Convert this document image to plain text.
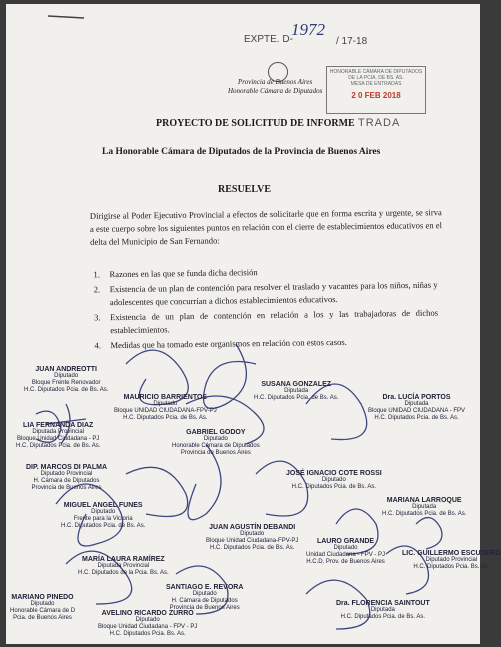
EXPTE. D-
1972
/ 17-18
Provincia de Buenos Aires
Honorable Cámara de Diputados
HONORABLE CÁMARA DE DIPUTADOS
DE LA PCIA. DE BS. AS.
MESA DE ENTRADAS
2 0 FEB 2018
TRADA
PROYECTO DE SOLICITUD DE INFORME
La Honorable Cámara de Diputados de la Provincia de Buenos Aires
RESUELVE
Dirigirse al Poder Ejecutivo Provincial a efectos de solicitarle que en forma escrita y urgente, se sirva a este cuerpo sobre los siguientes puntos en relación con el cierre de establecimientos educativos en el delta del Municipio de San Fernando:
1. Razones en las que se funda dicha decisión
2. Existencia de un plan de contención para resolver el traslado y vacantes para los niños, niñas y adolescentes que concurrían a dichos establecimientos educativos.
3. Existencia de un plan de contención en relación a los y las trabajadoras de dichos establecimientos.
4. Medidas que ha tomado este organismos en relación con estos casos.
JUAN ANDREOTTI
Diputado
Bloque Frente Renovador
H.C. Diputados Pcia. de Bs. As.
MAURICIO BARRIENTOS
Diputado
Bloque UNIDAD CIUDADANA-FPV-PJ
H.C. Diputados Pcia. de Bs. As.
SUSANA GONZALEZ
Diputada
H.C. Diputados Pcia. de Bs. As.	Dra. LUCÍA PORTOS
Diputada
Bloque UNIDAD CIUDADANA - FPV
H.C. Diputados Pcia. de Bs. As.
LIA FERNANDA DIAZ
Diputada Provincial
Bloque Unidad Ciudadana - PJ
H.C. Diputados Pcia. de Bs. As.
GABRIEL GODOY
Diputado
Honorable Cámara de Diputados
Provincia de Buenos Aires
DIP. MARCOS DI PALMA
Diputado Provincial
H. Cámara de Diputados
Provincia de Buenos Aires
JOSÉ IGNACIO COTE ROSSI
Diputado
H.C. Diputados Pcia. de Bs. As.
MIGUEL ANGEL FUNES
Diputado
Frente para la Victoria
H.C. Diputados Pcia. de Bs. As.
MARIANA LARROQUE
Diputada
H.C. Diputados Pcia. de Bs. As.
JUAN AGUSTÍN DEBANDI
Diputado
Bloque Unidad Ciudadana-FPV-PJ
H.C. Diputados Pcia. de Bs. As.
LAURO GRANDE
Diputado
Unidad Ciudadana - FPV - PJ
H.C.D. Prov. de Buenos Aires
MARÍA LAURA RAMÍREZ
Diputada Provincial
H.C. Diputados de la Pcia. Bs. As.
LIC. GUILLERMO ESCUDERO
Diputado Provincial
H.C. Diputados Pcia. Bs. As.
MARIANO PINEDO
Diputado
Honorable Cámara de D
Pcia. de Buenos Aires
SANTIAGO E. REVORA
Diputado
H. Cámara de Diputados
Provincia de Buenos Aires
AVELINO RICARDO ZURRO
Diputado
Bloque Unidad Ciudadana - FPV - PJ
H.C. Diputados Pcia. Bs. As.
Dra. FLORENCIA SAINTOUT
Diputada
H.C. Diputados Pcia. de Bs. As.
